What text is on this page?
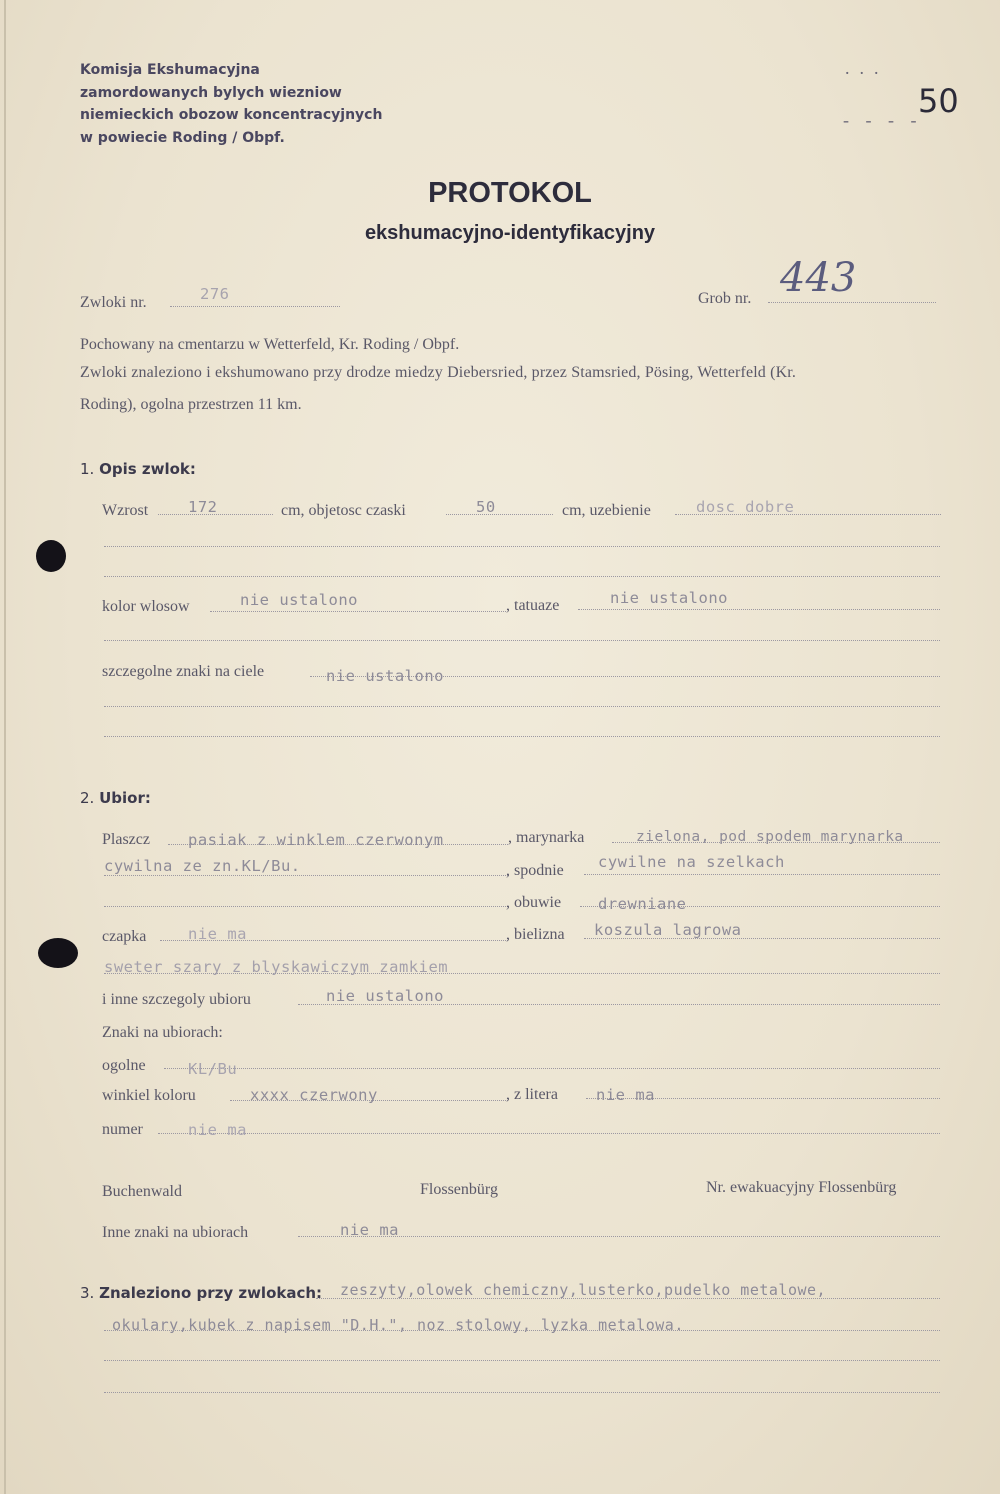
Komisja Ekshumacyjna
zamordowanych bylych wiezniow
niemieckich obozow koncentracyjnych
w powiecie Roding / Obpf.
...
- - - -
50
PROTOKOL
ekshumacyjno-identyfikacyjny
Zwloki nr.	276	Grob nr. 443
Pochowany na cmentarzu w Wetterfeld, Kr. Roding / Obpf.
Zwloki znaleziono i ekshumowano przy drodze miedzy Diebersried, przez Stamsried, Pösing, Wetterfeld (Kr.
Roding), ogolna przestrzen 11 km.
1. Opis zwlok:
Wzrost	172	cm, objetosc czaski	50	cm, uzebienie	dosc dobre
kolor wlosow	nie ustalono	, tatuaze	nie ustalono
szczegolne znaki na ciele	nie ustalono
2. Ubior:
Plaszcz pasiak z winklem czerwonym	, marynarka	zielona, pod spodem marynarka
cywilna ze zn.KL/Bu.	, spodnie cywilne na szelkach
, obuwie drewniane
czapka	nie ma	, bielizna koszula lagrowa
sweter szary z blyskawiczym zamkiem
i inne szczegoly ubioru	nie ustalono
Znaki na ubiorach:
ogolne	KL/Bu
winkiel koloru	xxxx czerwony	, z litera nie ma
numer	nie ma
Buchenwald	Flossenbürg	Nr. ewakuacyjny Flossenbürg
Inne znaki na ubiorach	nie ma
3. Znaleziono przy zwlokach: zeszyty,olowek chemiczny,lusterko,pudelko metalowe,
okulary,kubek z napisem "D.H.", noz stolowy, lyzka metalowa.
